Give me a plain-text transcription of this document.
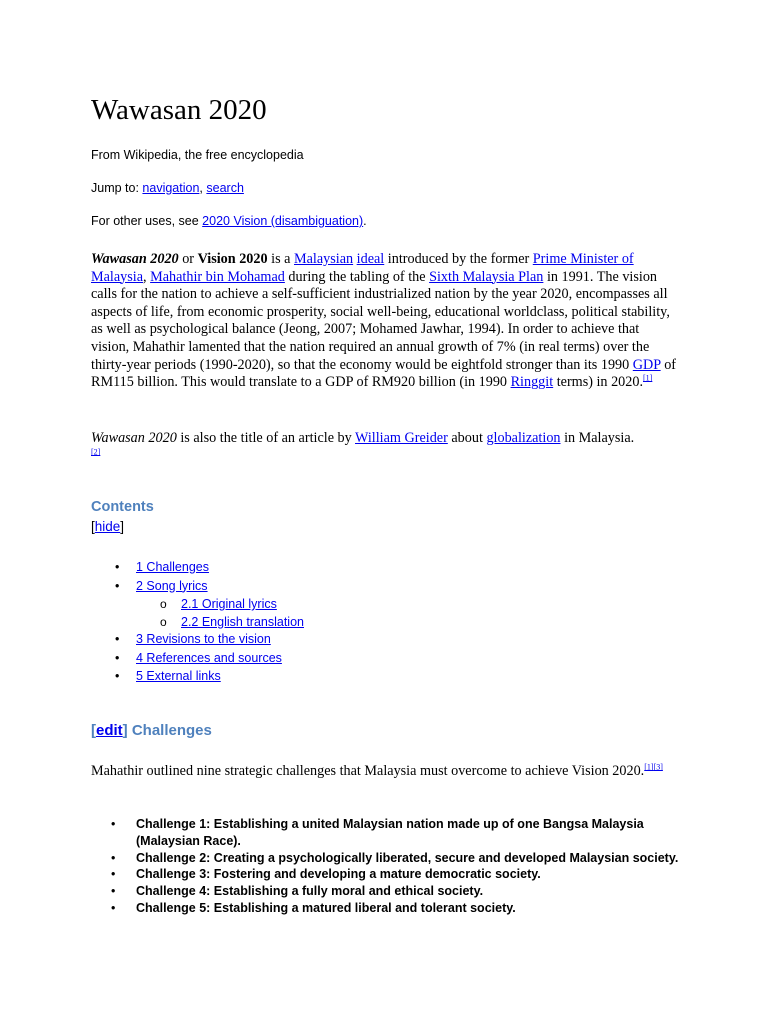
Wawasan 2020
From Wikipedia, the free encyclopedia
Jump to: navigation, search
For other uses, see 2020 Vision (disambiguation).

Wawasan 2020 or Vision 2020 is a Malaysian ideal introduced by the former Prime Minister of Malaysia, Mahathir bin Mohamad during the tabling of the Sixth Malaysia Plan in 1991. The vision calls for the nation to achieve a self-sufficient industrialized nation by the year 2020, encompasses all aspects of life, from economic prosperity, social well-being, educational worldclass, political stability, as well as psychological balance (Jeong, 2007; Mohamed Jawhar, 1994). In order to achieve that vision, Mahathir lamented that the nation required an annual growth of 7% (in real terms) over the thirty-year periods (1990-2020), so that the economy would be eightfold stronger than its 1990 GDP of RM115 billion. This would translate to a GDP of RM920 billion (in 1990 Ringgit terms) in 2020.[1]

Wawasan 2020 is also the title of an article by William Greider about globalization in Malaysia.
[2]

Contents
[hide]
• 1 Challenges
• 2 Song lyrics
o 2.1 Original lyrics
o 2.2 English translation
• 3 Revisions to the vision
• 4 References and sources
• 5 External links
[edit] Challenges

Mahathir outlined nine strategic challenges that Malaysia must overcome to achieve Vision 2020.[1][3]

• Challenge 1: Establishing a united Malaysian nation made up of one Bangsa Malaysia (Malaysian Race).
• Challenge 2: Creating a psychologically liberated, secure and developed Malaysian society.
• Challenge 3: Fostering and developing a mature democratic society.
• Challenge 4: Establishing a fully moral and ethical society.
• Challenge 5: Establishing a matured liberal and tolerant society.
